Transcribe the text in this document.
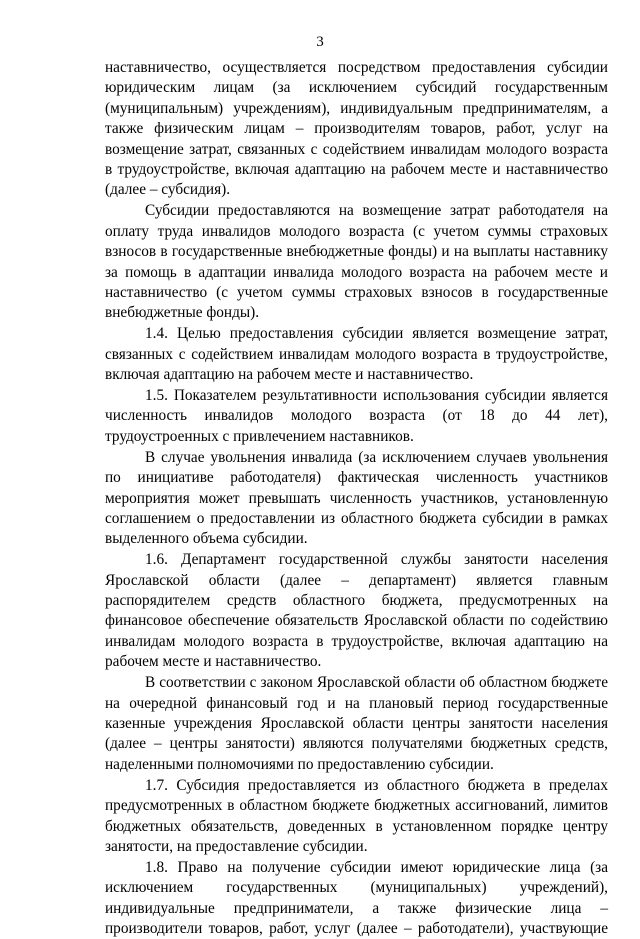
3

наставничество, осуществляется посредством предоставления субсидии юридическим лицам (за исключением субсидий государственным (муниципальным) учреждениям), индивидуальным предпринимателям, а также физическим лицам – производителям товаров, работ, услуг на возмещение затрат, связанных с содействием инвалидам молодого возраста в трудоустройстве, включая адаптацию на рабочем месте и наставничество (далее – субсидия).

Субсидии предоставляются на возмещение затрат работодателя на оплату труда инвалидов молодого возраста (с учетом суммы страховых взносов в государственные внебюджетные фонды) и на выплаты наставнику за помощь в адаптации инвалида молодого возраста на рабочем месте и наставничество (с учетом суммы страховых взносов в государственные внебюджетные фонды).

1.4. Целью предоставления субсидии является возмещение затрат, связанных с содействием инвалидам молодого возраста в трудоустройстве, включая адаптацию на рабочем месте и наставничество.

1.5. Показателем результативности использования субсидии является численность инвалидов молодого возраста (от 18 до 44 лет), трудоустроенных с привлечением наставников.

В случае увольнения инвалида (за исключением случаев увольнения по инициативе работодателя) фактическая численность участников мероприятия может превышать численность участников, установленную соглашением о предоставлении из областного бюджета субсидии в рамках выделенного объема субсидии.

1.6. Департамент государственной службы занятости населения Ярославской области (далее – департамент) является главным распорядителем средств областного бюджета, предусмотренных на финансовое обеспечение обязательств Ярославской области по содействию инвалидам молодого возраста в трудоустройстве, включая адаптацию на рабочем месте и наставничество.

В соответствии с законом Ярославской области об областном бюджете на очередной финансовый год и на плановый период государственные казенные учреждения Ярославской области центры занятости населения (далее – центры занятости) являются получателями бюджетных средств, наделенными полномочиями по предоставлению субсидии.

1.7. Субсидия предоставляется из областного бюджета в пределах предусмотренных в областном бюджете бюджетных ассигнований, лимитов бюджетных обязательств, доведенных в установленном порядке центру занятости, на предоставление субсидии.

1.8. Право на получение субсидии имеют юридические лица (за исключением государственных (муниципальных) учреждений), индивидуальные предприниматели, а также физические лица – производители товаров, работ, услуг (далее – работодатели), участвующие
